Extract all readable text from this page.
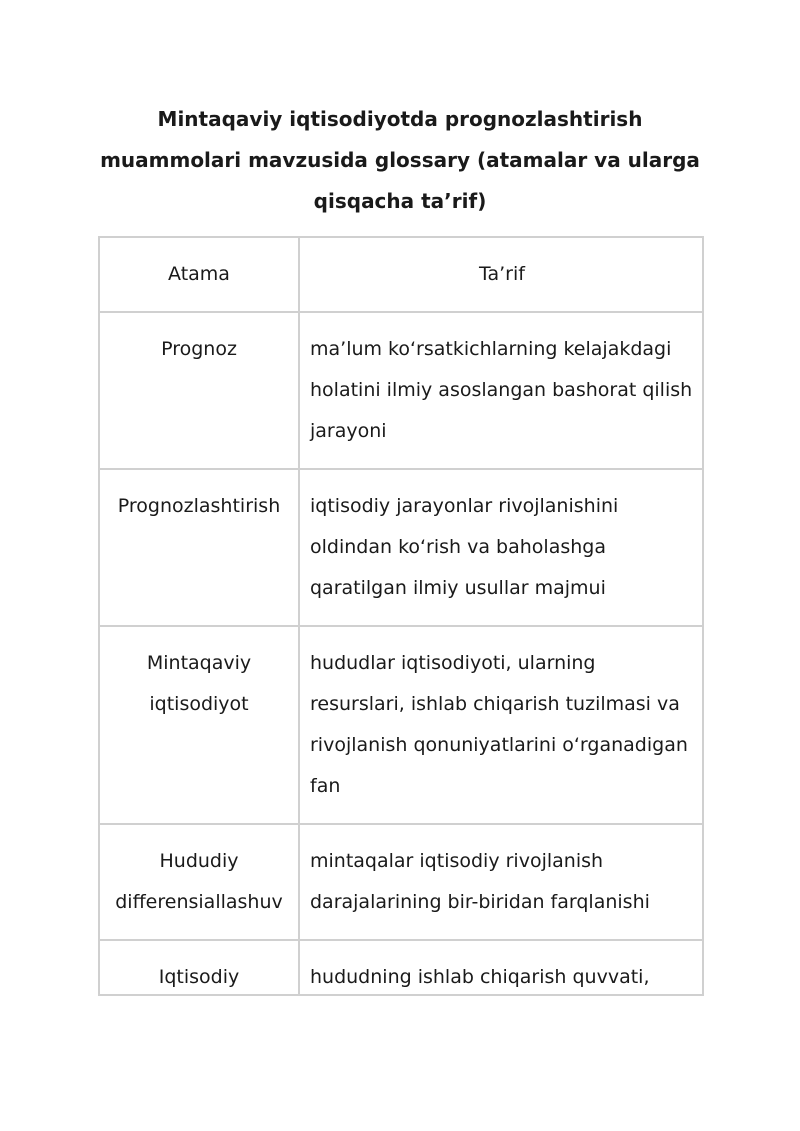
Mintaqaviy iqtisodiyotda prognozlashtirish muammolari mavzusida glossary (atamalar va ularga qisqacha ta’rif)
Atama	Ta’rif
Prognoz	ma’lum ko‘rsatkichlarning kelajakdagi holatini ilmiy asoslangan bashorat qilish jarayoni
Prognozlashtirish	iqtisodiy jarayonlar rivojlanishini oldindan ko‘rish va baholashga qaratilgan ilmiy usullar majmui
Mintaqaviy iqtisodiyot	hududlar iqtisodiyoti, ularning resurslari, ishlab chiqarish tuzilmasi va rivojlanish qonuniyatlarini o‘rganadigan fan
Hududiy differensiallashuv	mintaqalar iqtisodiy rivojlanish darajalarining bir-biridan farqlanishi
Iqtisodiy	hududning ishlab chiqarish quvvati,
